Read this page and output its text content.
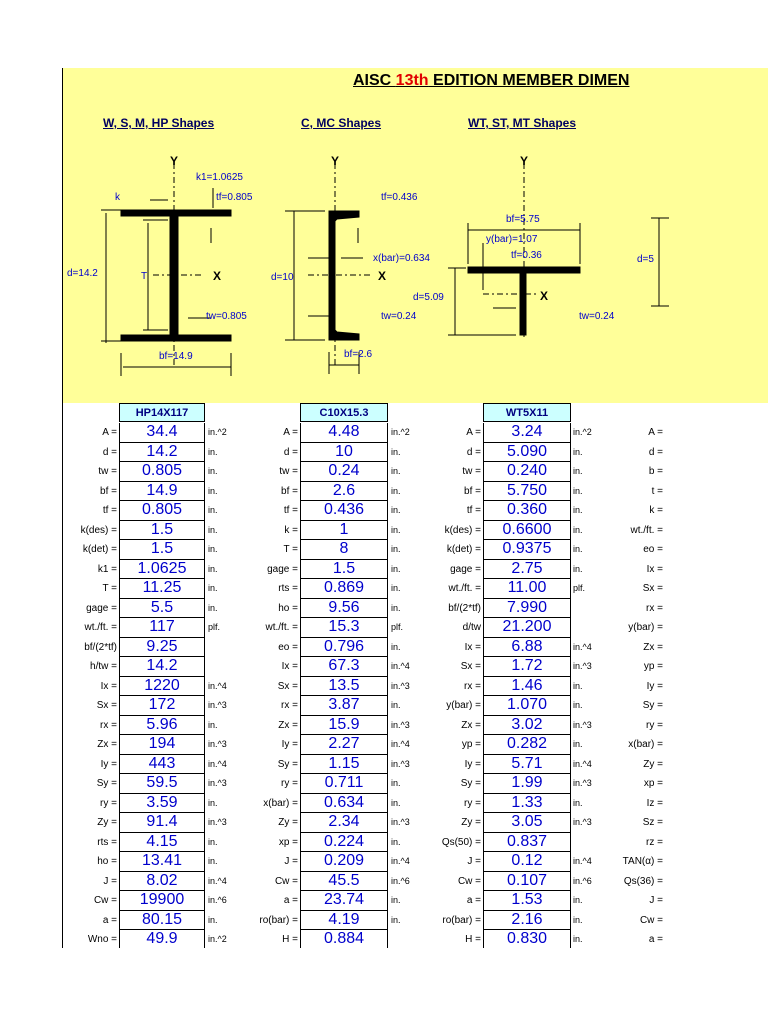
AISC 13th EDITION MEMBER DIMEN
W, S, M, HP Shapes	C, MC Shapes	WT, ST, MT Shapes
Y
k1=1.0625
k	tf=0.805
d=14.2	T	X
tw=0.805
bf=14.9
Y
tf=0.436
x(bar)=0.634
d=10	X
tw=0.24
bf=2.6
Y
bf=5.75
y(bar)=1.07
tf=0.36
d=5.09	X
tw=0.24
d=5
HP14X117	C10X15.3	WT5X11
A =	34.4	in.^2
d =	14.2	in.
tw =	0.805	in.
bf =	14.9	in.
tf =	0.805	in.
k(des) =	1.5	in.
k(det) =	1.5	in.
k1 =	1.0625	in.
T =	11.25	in.
gage =	5.5	in.
wt./ft. =	117	plf.
bf/(2*tf)	9.25
h/tw =	14.2
Ix =	1220	in.^4
Sx =	172	in.^3
rx =	5.96	in.
Zx =	194	in.^3
Iy =	443	in.^4
Sy =	59.5	in.^3
ry =	3.59	in.
Zy =	91.4	in.^3
rts =	4.15	in.
ho =	13.41	in.
J =	8.02	in.^4
Cw =	19900	in.^6
a =	80.15	in.
Wno =	49.9	in.^2
A =	4.48	in.^2
d =	10	in.
tw =	0.24	in.
bf =	2.6	in.
tf =	0.436	in.
k =	1	in.
T =	8	in.
gage =	1.5	in.
rts =	0.869	in.
ho =	9.56	in.
wt./ft. =	15.3	plf.
eo =	0.796	in.
Ix =	67.3	in.^4
Sx =	13.5	in.^3
rx =	3.87	in.
Zx =	15.9	in.^3
Iy =	2.27	in.^4
Sy =	1.15	in.^3
ry =	0.711	in.
x(bar) =	0.634	in.
Zy =	2.34	in.^3
xp =	0.224	in.
J =	0.209	in.^4
Cw =	45.5	in.^6
a =	23.74	in.
ro(bar) =	4.19	in.
H =	0.884
A =	3.24	in.^2
d =	5.090	in.
tw =	0.240	in.
bf =	5.750	in.
tf =	0.360	in.
k(des) =	0.6600	in.
k(det) =	0.9375	in.
gage =	2.75	in.
wt./ft. =	11.00	plf.
bf/(2*tf)	7.990
d/tw	21.200
Ix =	6.88	in.^4
Sx =	1.72	in.^3
rx =	1.46	in.
y(bar) =	1.070	in.
Zx =	3.02	in.^3
yp =	0.282	in.
Iy =	5.71	in.^4
Sy =	1.99	in.^3
ry =	1.33	in.
Zy =	3.05	in.^3
Qs(50) =	0.837
J =	0.12	in.^4
Cw =	0.107	in.^6
a =	1.53	in.
ro(bar) =	2.16	in.
H =	0.830	in.
A =
d =
b =
t =
k =
wt./ft. =
eo =
Ix =
Sx =
rx =
y(bar) =
Zx =
yp =
Iy =
Sy =
ry =
x(bar) =
Zy =
xp =
Iz =
Sz =
rz =
TAN(α) =
Qs(36) =
J =
Cw =
a =
